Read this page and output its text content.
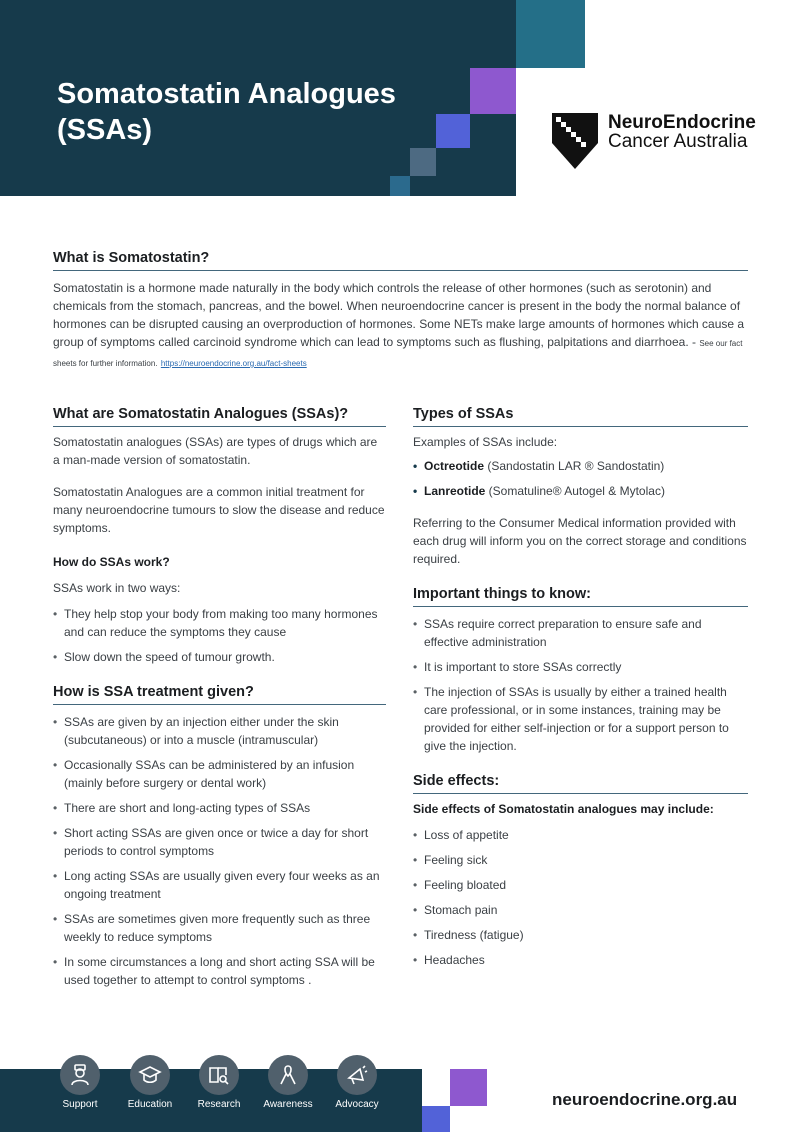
Somatostatin Analogues
(SSAs)	NeuroEndocrine
Cancer Australia
What is Somatostatin?

Somatostatin is a hormone made naturally in the body which controls the release of other hormones (such as serotonin) and chemicals from the stomach, pancreas, and the bowel. When neuroendocrine cancer is present in the body the normal balance of hormones can be disrupted causing an overproduction of hormones. Some NETs make large amounts of hormones which cause a group of symptoms called carcinoid syndrome which can lead to symptoms such as flushing, palpitations and diarrhoea. - See our fact sheets for further information. https://neuroendocrine.org.au/fact-sheets

What are Somatostatin Analogues (SSAs)?

Somatostatin analogues (SSAs) are types of drugs which are a man-made version of somatostatin.

Somatostatin Analogues are a common initial treatment for many neuroendocrine tumours to slow the disease and reduce symptoms.

How do SSAs work?

SSAs work in two ways:

• They help stop your body from making too many hormones and can reduce the symptoms they cause
• Slow down the speed of tumour growth.
How is SSA treatment given?
• SSAs are given by an injection either under the skin (subcutaneous) or into a muscle (intramuscular)
• Occasionally SSAs can be administered by an infusion (mainly before surgery or dental work)
• There are short and long-acting types of SSAs
• Short acting SSAs are given once or twice a day for short periods to control symptoms
• Long acting SSAs are usually given every four weeks as an ongoing treatment
• SSAs are sometimes given more frequently such as three weekly to reduce symptoms
• In some circumstances a long and short acting SSA will be used together to attempt to control symptoms .
Types of SSAs

Examples of SSAs include:

• Octreotide (Sandostatin LAR ® Sandostatin)
• Lanreotide (Somatuline® Autogel & Mytolac)

Referring to the Consumer Medical information provided with each drug will inform you on the correct storage and conditions required.

Important things to know:
• SSAs require correct preparation to ensure safe and effective administration
• It is important to store SSAs correctly
• The injection of SSAs is usually by either a trained health care professional, or in some instances, training may be provided for either self-injection or for a support person to give the injection.
Side effects:
Side effects of Somatostatin analogues may include:
• Loss of appetite
• Feeling sick
• Feeling bloated
• Stomach pain
• Tiredness (fatigue)
• Headaches
Support	Education	Research	Awareness	Advocacy	neuroendocrine.org.au
